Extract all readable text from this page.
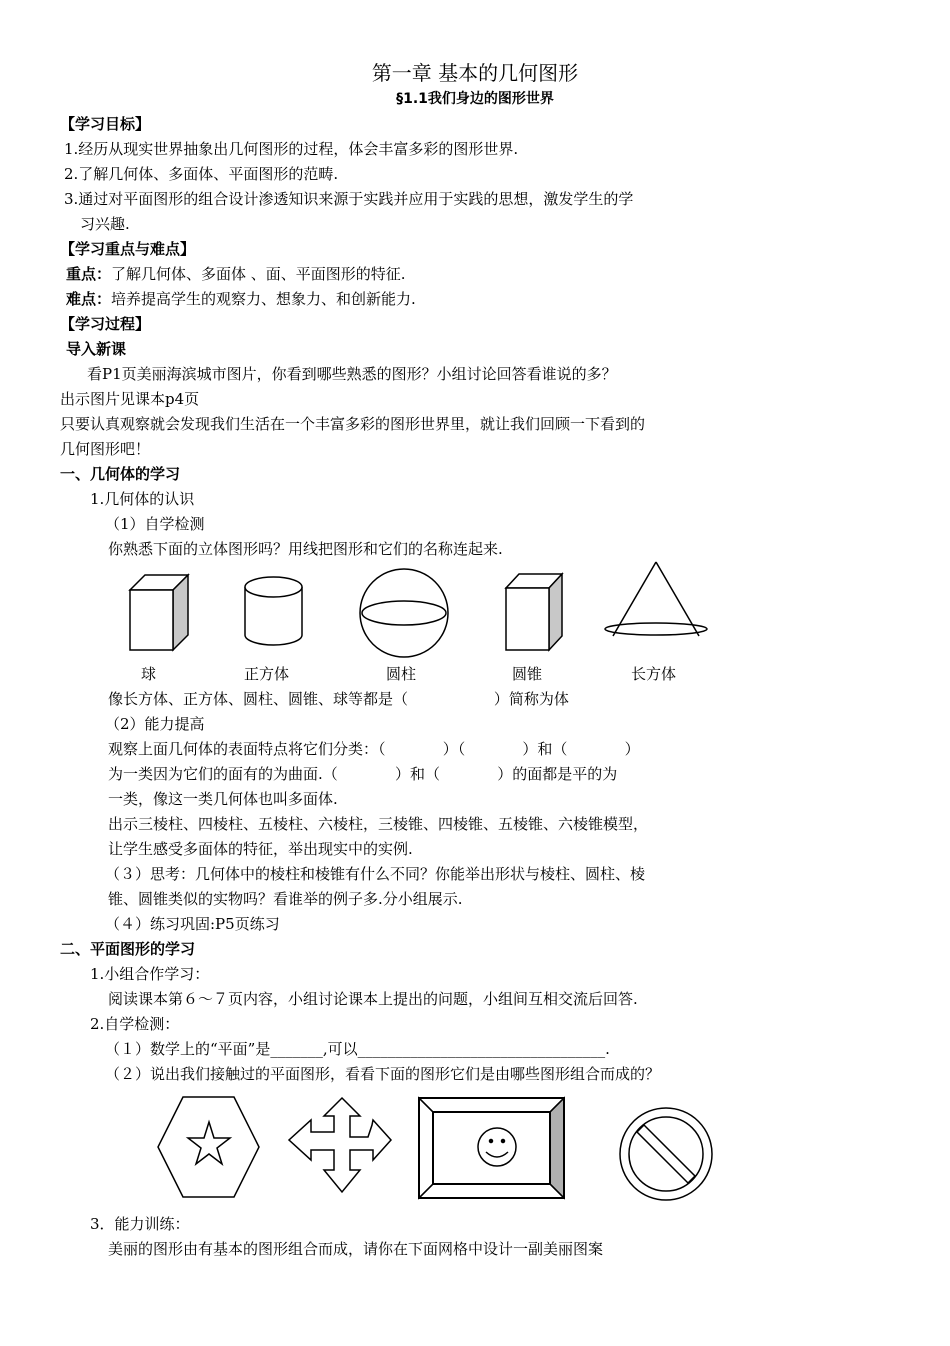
第一章 基本的几何图形
§1.1我们身边的图形世界
【学习目标】
1.经历从现实世界抽象出几何图形的过程，体会丰富多彩的图形世界.
2.了解几何体、多面体、平面图形的范畴.
3.通过对平面图形的组合设计渗透知识来源于实践并应用于实践的思想，激发学生的学
习兴趣.
【学习重点与难点】
重点：了解几何体、多面体 、面、平面图形的特征.
难点：培养提高学生的观察力、想象力、和创新能力.
【学习过程】
导入新课
看P1页美丽海滨城市图片，你看到哪些熟悉的图形？小组讨论回答看谁说的多？
出示图片见课本p4页
只要认真观察就会发现我们生活在一个丰富多彩的图形世界里，就让我们回顾一下看到的
几何图形吧！
一、几何体的学习
1.几何体的认识
（1）自学检测
你熟悉下面的立体图形吗？用线把图形和它们的名称连起来.
球	正方体	圆柱	圆锥	长方体
像长方体、正方体、圆柱、圆锥、球等都是（                  ）简称为体
（2）能力提高
观察上面几何体的表面特点将它们分类：（            ）（            ）和（            ）
为一类因为它们的面有的为曲面.（            ）和（            ）的面都是平的为
一类，像这一类几何体也叫多面体.
出示三棱柱、四棱柱、五棱柱、六棱柱，三棱锥、四棱锥、五棱锥、六棱锥模型，
让学生感受多面体的特征，举出现实中的实例.
（３）思考：几何体中的棱柱和棱锥有什么不同？你能举出形状与棱柱、圆柱、棱
锥、圆锥类似的实物吗？看谁举的例子多.分小组展示.
（４）练习巩固:P5页练习
二、平面图形的学习
1.小组合作学习：
阅读课本第６～７页内容，小组讨论课本上提出的问题，小组间互相交流后回答.
2.自学检测：
（１）数学上的“平面”是_______,可以_________________________________.
（２）说出我们接触过的平面图形，看看下面的图形它们是由哪些图形组合而成的？
3．能力训练：
美丽的图形由有基本的图形组合而成，请你在下面网格中设计一副美丽图案
